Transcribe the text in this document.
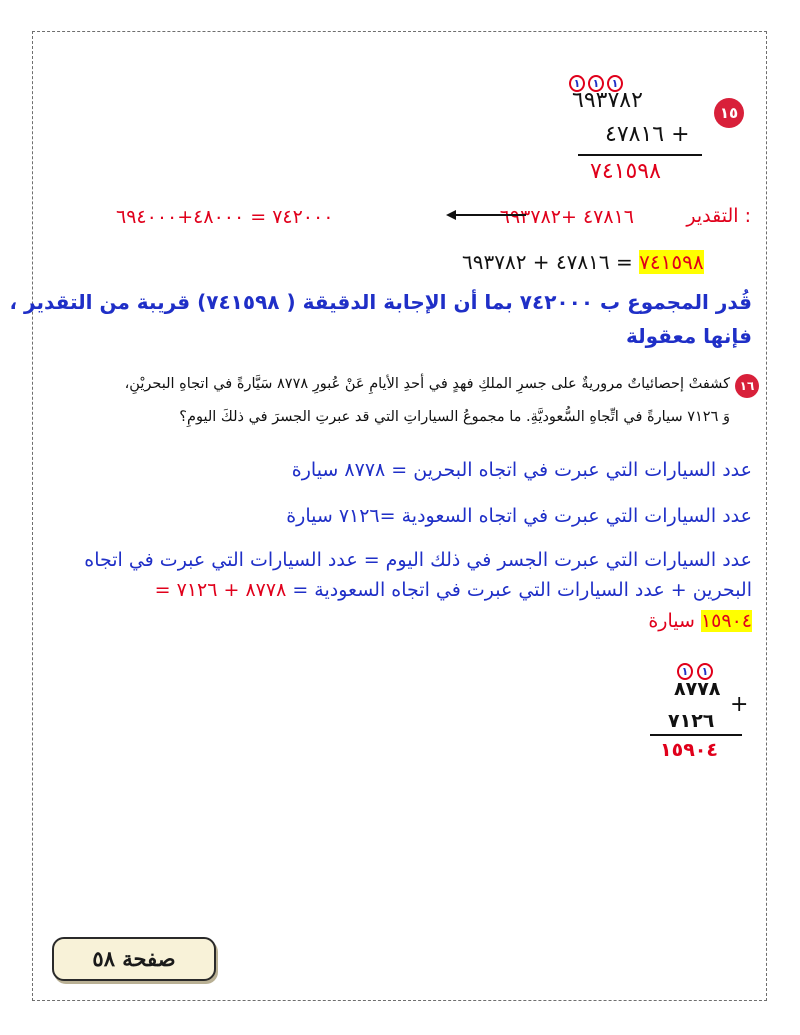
١٥
١	١	١
٦٩٣٧٨٢
٤٧٨١٦ +
٧٤١٥٩٨
التقدير :
٤٧٨١٦ +٦٩٣٧٨٢
٧٤٢٠٠٠ = ٤٨٠٠٠+٦٩٤٠٠٠
٧٤١٥٩٨ = ٤٧٨١٦ + ٦٩٣٧٨٢
قُدر المجموع ب ٧٤٢٠٠٠ بما أن الإجابة الدقيقة ( ٧٤١٥٩٨) قريبة من التقدير ،
فإنها معقولة
١٦
كشفتْ إحصائياتٌ مروريةٌ على جسرِ الملكِ فهدٍ في أحدِ الأيامِ عَنْ عُبورِ ٨٧٧٨ سَيَّارةً في اتجاهِ البحريْنِ،
وَ ٧١٢٦ سيارةً في اتِّجاهِ السُّعوديَّةِ. ما مجموعُ السياراتِ التي قد عبرتِ الجسرَ في ذلكَ اليومِ؟
عدد السيارات التي عبرت في اتجاه البحرين = ٨٧٧٨ سيارة
عدد السيارات التي عبرت في اتجاه السعودية =٧١٢٦ سيارة
عدد السيارات التي عبرت الجسر في ذلك اليوم = عدد السيارات التي عبرت في اتجاه
البحرين + عدد السيارات التي عبرت في اتجاه السعودية = ٨٧٧٨ + ٧١٢٦ =
١٥٩٠٤ سيارة
١	١
٨٧٧٨
٧١٢٦
+
١٥٩٠٤
صفحة ٥٨
